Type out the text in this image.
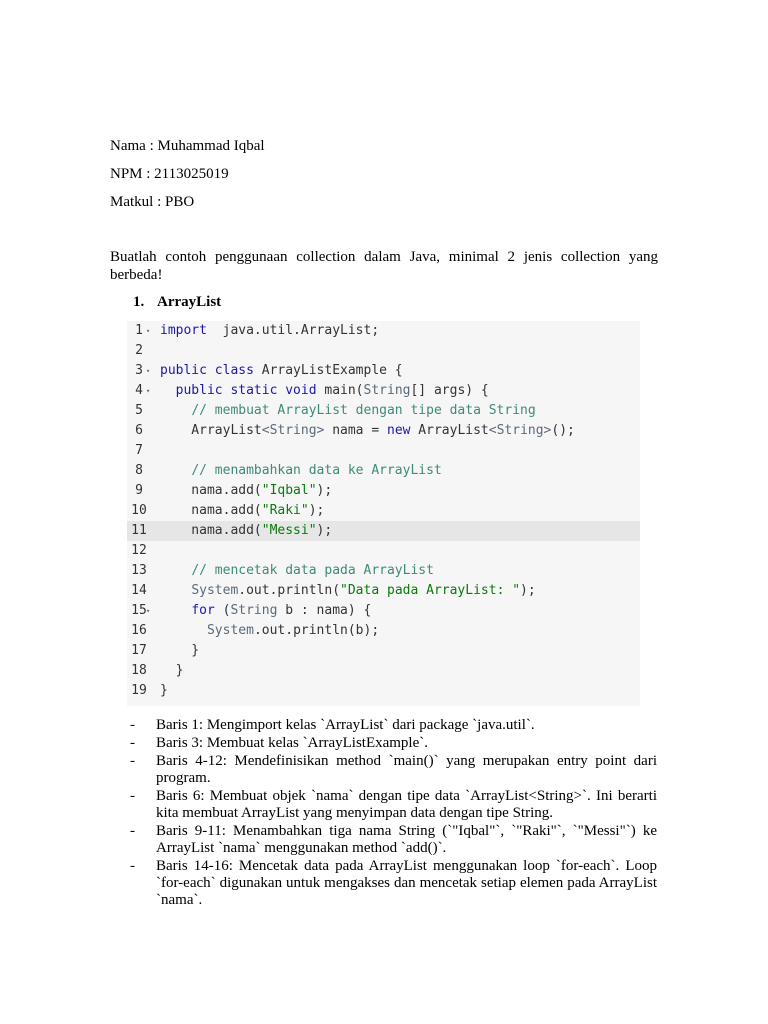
Nama : Muhammad Iqbal
NPM : 2113025019
Matkul : PBO
Buatlah contoh penggunaan collection dalam Java, minimal 2 jenis collection yang berbeda!
1. ArrayList
1 ▾ import  java.util.ArrayList;
2
3 ▾ public class ArrayListExample {
4 ▾	public static void main(String[] args) {
5	// membuat ArrayList dengan tipe data String
6	ArrayList<String> nama = new ArrayList<String>();
7
8	// menambahkan data ke ArrayList
9	nama.add("Iqbal");
10	nama.add("Raki");
11	nama.add("Messi");
12
13	// mencetak data pada ArrayList
14	System.out.println("Data pada ArrayList: ");
15 ▾	for (String b : nama) {
16	System.out.println(b);
17	}
18	}
19	}
- Baris 1: Mengimport kelas `ArrayList` dari package `java.util`.
- Baris 3: Membuat kelas `ArrayListExample`.
- Baris 4-12: Mendefinisikan method `main()` yang merupakan entry point dari program.
- Baris 6: Membuat objek `nama` dengan tipe data `ArrayList<String>`. Ini berarti kita membuat ArrayList yang menyimpan data dengan tipe String.
- Baris 9-11: Menambahkan tiga nama String (`"Iqbal"`, `"Raki"`, `"Messi"`) ke ArrayList `nama` menggunakan method `add()`.
- Baris 14-16: Mencetak data pada ArrayList menggunakan loop `for-each`. Loop `for-each` digunakan untuk mengakses dan mencetak setiap elemen pada ArrayList `nama`.
